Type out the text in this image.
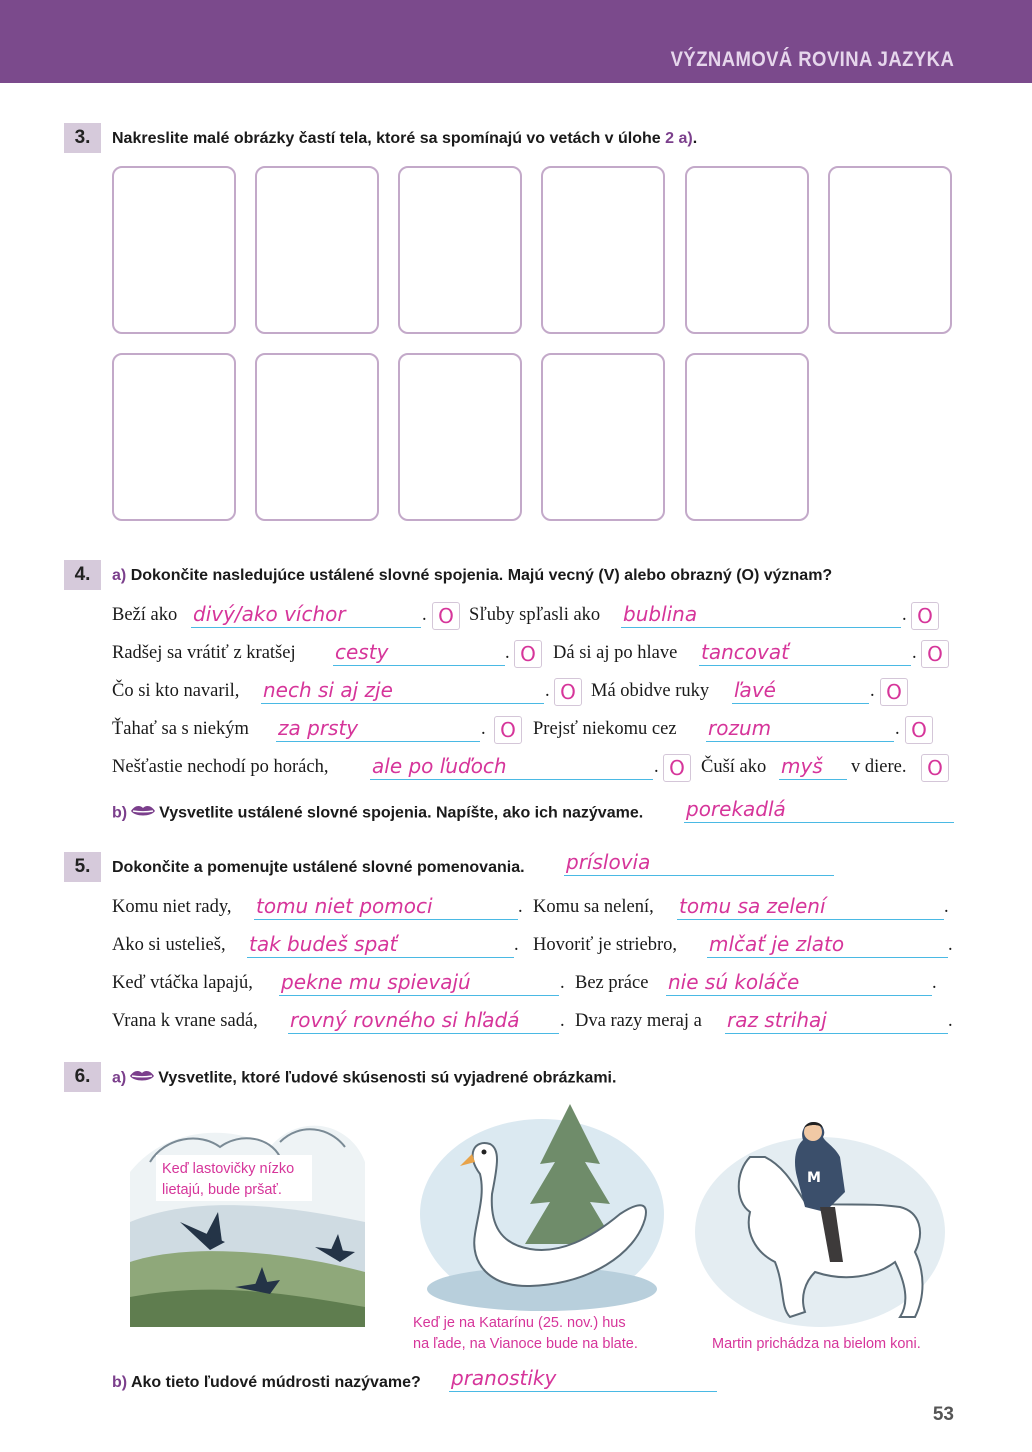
VÝZNAMOVÁ ROVINA JAZYKA
3.	Nakreslite malé obrázky častí tela, ktoré sa spomínajú vo vetách v úlohe 2 a).
4.	a) Dokončite nasledujúce ustálené slovné spojenia. Majú vecný (V) alebo obrazný (O) význam?
Beží ako divý/ako víchor	. O Sľuby spľasli ako bublina	. O
Radšej sa vrátiť z kratšej cesty	. O Dá si aj po hlave tancovať	. O
Čo si kto navaril, nech si aj zje	. O Má obidve ruky ľavé	. O
Ťahať sa s niekým za prsty	. O Prejsť niekomu cez rozum	. O
Nešťastie nechodí po horách, ale po ľuďoch	. O Čuší ako myš	v diere.	O
b) Vysvetlite ustálené slovné spojenia. Napíšte, ako ich nazývame. porekadlá
5.	Dokončite a pomenujte ustálené slovné pomenovania. príslovia
Komu niet rady, tomu niet pomoci	. Komu sa nelení, tomu sa zelení	.
Ako si ustelieš, tak budeš spať	. Hovoriť je striebro, mlčať je zlato	.
Keď vtáčka lapajú, pekne mu spievajú	. Bez práce nie sú koláče	.
Vrana k vrane sadá, rovný rovného si hľadá	. Dva razy meraj a raz strihaj	.
6.	a) Vysvetlite, ktoré ľudové skúsenosti sú vyjadrené obrázkami.
Keď lastovičky nízko
lietajú, bude pršať.
Keď je na Katarínu (25. nov.) hus
na ľade, na Vianoce bude na blate.
M
Martin prichádza na bielom koni.
b) Ako tieto ľudové múdrosti nazývame? pranostiky
53
